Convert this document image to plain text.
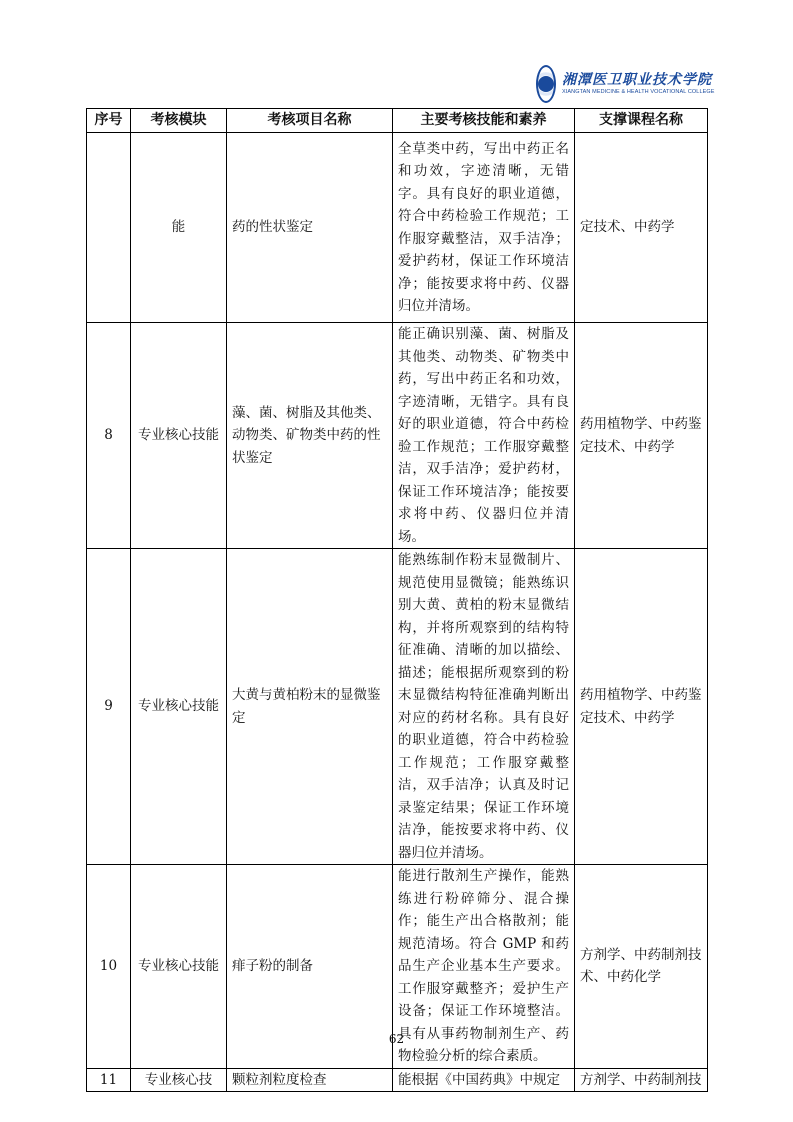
湘潭医卫职业技术学院
XIANGTAN MEDICINE & HEALTH VOCATIONAL COLLEGE
序号	考核模块	考核项目名称	主要考核技能和素养	支撑课程名称
	能	药的性状鉴定	全草类中药，写出中药正名和功效，字迹清晰，无错字。具有良好的职业道德，符合中药检验工作规范；工作服穿戴整洁，双手洁净；爱护药材，保证工作环境洁净；能按要求将中药、仪器归位并清场。	定技术、中药学
8	专业核心技能	藻、菌、树脂及其他类、动物类、矿物类中药的性状鉴定	能正确识别藻、菌、树脂及其他类、动物类、矿物类中药，写出中药正名和功效，字迹清晰，无错字。具有良好的职业道德，符合中药检验工作规范；工作服穿戴整洁，双手洁净；爱护药材，保证工作环境洁净；能按要求将中药、仪器归位并清场。	药用植物学、中药鉴定技术、中药学
9	专业核心技能	大黄与黄柏粉末的显微鉴定	能熟练制作粉末显微制片、规范使用显微镜；能熟练识别大黄、黄柏的粉末显微结构，并将所观察到的结构特征准确、清晰的加以描绘、描述；能根据所观察到的粉末显微结构特征准确判断出对应的药材名称。具有良好的职业道德，符合中药检验工作规范；工作服穿戴整洁，双手洁净；认真及时记录鉴定结果；保证工作环境洁净，能按要求将中药、仪器归位并清场。	药用植物学、中药鉴定技术、中药学
10	专业核心技能	痱子粉的制备	能进行散剂生产操作，能熟练进行粉碎筛分、混合操作；能生产出合格散剂；能规范清场。符合 GMP 和药品生产企业基本生产要求。工作服穿戴整齐；爱护生产设备；保证工作环境整洁。具有从事药物制剂生产、药物检验分析的综合素质。	方剂学、中药制剂技术、中药化学
11	专业核心技	颗粒剂粒度检查	能根据《中国药典》中规定	方剂学、中药制剂技
62
